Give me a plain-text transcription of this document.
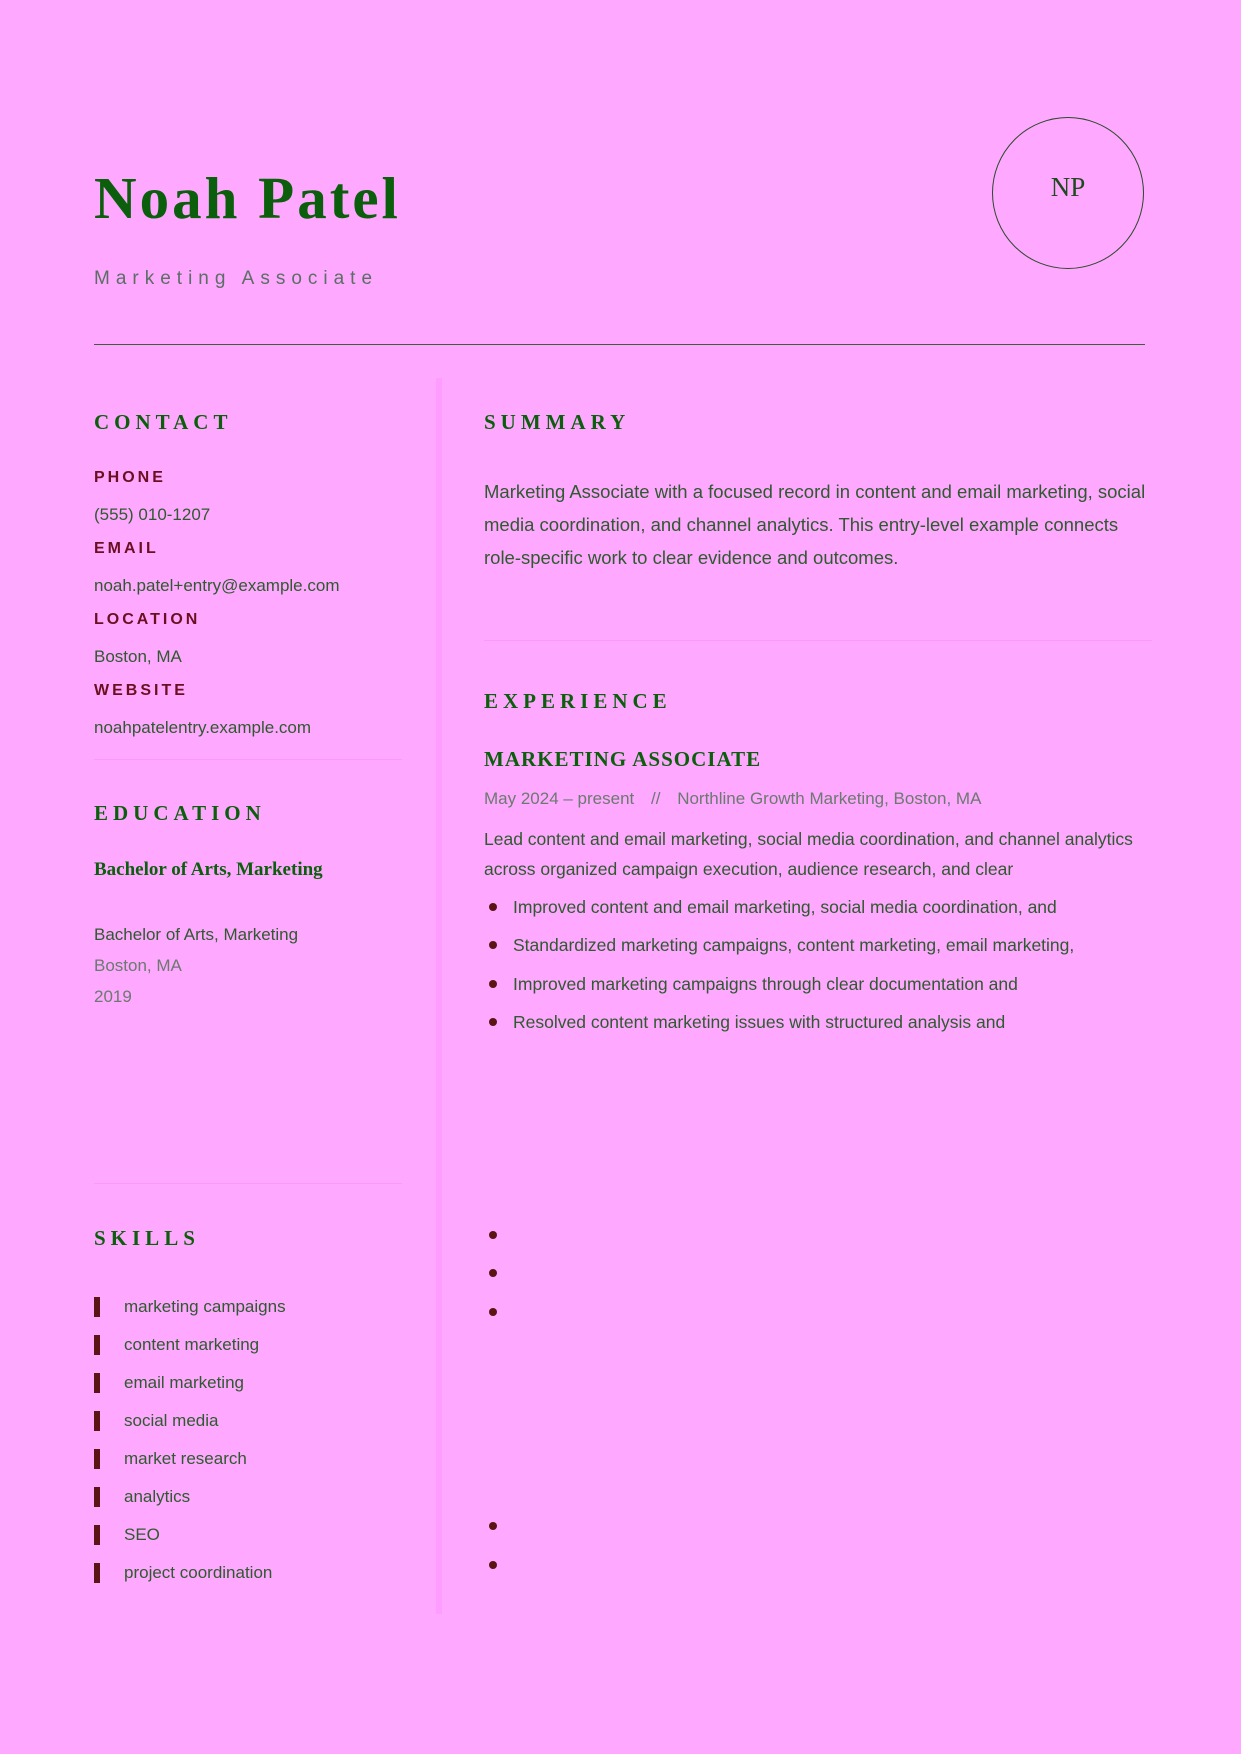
Noah Patel
Marketing Associate
NP
CONTACT
PHONE
(555) 010-1207
EMAIL
noah.patel+entry@example.com
LOCATION
Boston, MA
WEBSITE
noahpatelentry.example.com
EDUCATION
Bachelor of Arts, Marketing
Bachelor of Arts, Marketing
Boston, MA
2019
SKILLS
marketing campaigns
content marketing
email marketing
social media
market research
analytics
SEO
project coordination
SUMMARY

Marketing Associate with a focused record in content and email marketing, social media coordination, and channel analytics. This entry-level example connects role-specific work to clear evidence and outcomes.

EXPERIENCE
MARKETING ASSOCIATE
May 2024 – present // Northline Growth Marketing, Boston, MA

Lead content and email marketing, social media coordination, and channel analytics across organized campaign execution, audience research, and clear

Improved content and email marketing, social media coordination, and
Standardized marketing campaigns, content marketing, email marketing,
Improved marketing campaigns through clear documentation and
Resolved content marketing issues with structured analysis and
